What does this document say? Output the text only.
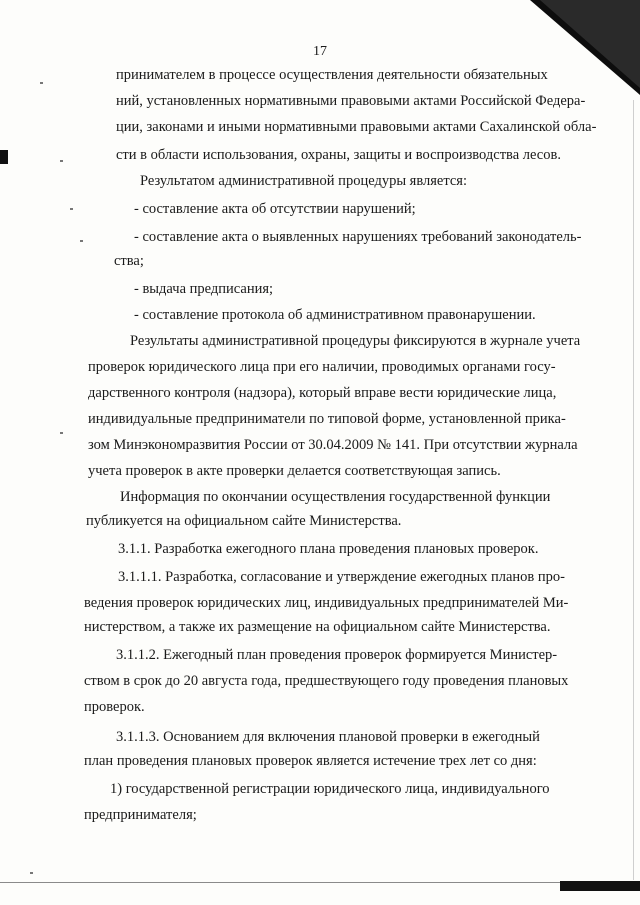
17
принимателем в процессе осуществления деятельности обязательных
ний, установленных нормативными правовыми актами Российской Федера-
ции, законами и иными нормативными правовыми актами Сахалинской обла-
сти в области использования, охраны, защиты и воспроизводства лесов.
Результатом административной процедуры является:
- составление акта об отсутствии нарушений;
- составление акта о выявленных нарушениях требований законодатель-
ства;
- выдача предписания;
- составление протокола об административном правонарушении.
Результаты административной процедуры фиксируются в журнале учета
проверок юридического лица при его наличии, проводимых органами госу-
дарственного контроля (надзора), который вправе вести юридические лица,
индивидуальные предприниматели по типовой форме, установленной прика-
зом Минэкономразвития России от 30.04.2009 № 141. При отсутствии журнала
учета проверок в акте проверки делается соответствующая запись.
Информация по окончании осуществления государственной функции
публикуется на официальном сайте Министерства.
3.1.1. Разработка ежегодного плана проведения плановых проверок.
3.1.1.1. Разработка, согласование и утверждение ежегодных планов про-
ведения проверок юридических лиц, индивидуальных предпринимателей Ми-
нистерством, а также их размещение на официальном сайте Министерства.
3.1.1.2. Ежегодный план проведения проверок формируется Министер-
ством в срок до 20 августа года, предшествующего году проведения плановых
проверок.
3.1.1.3. Основанием для включения плановой проверки в ежегодный
план проведения плановых проверок является истечение трех лет со дня:
1) государственной регистрации юридического лица, индивидуального
предпринимателя;
